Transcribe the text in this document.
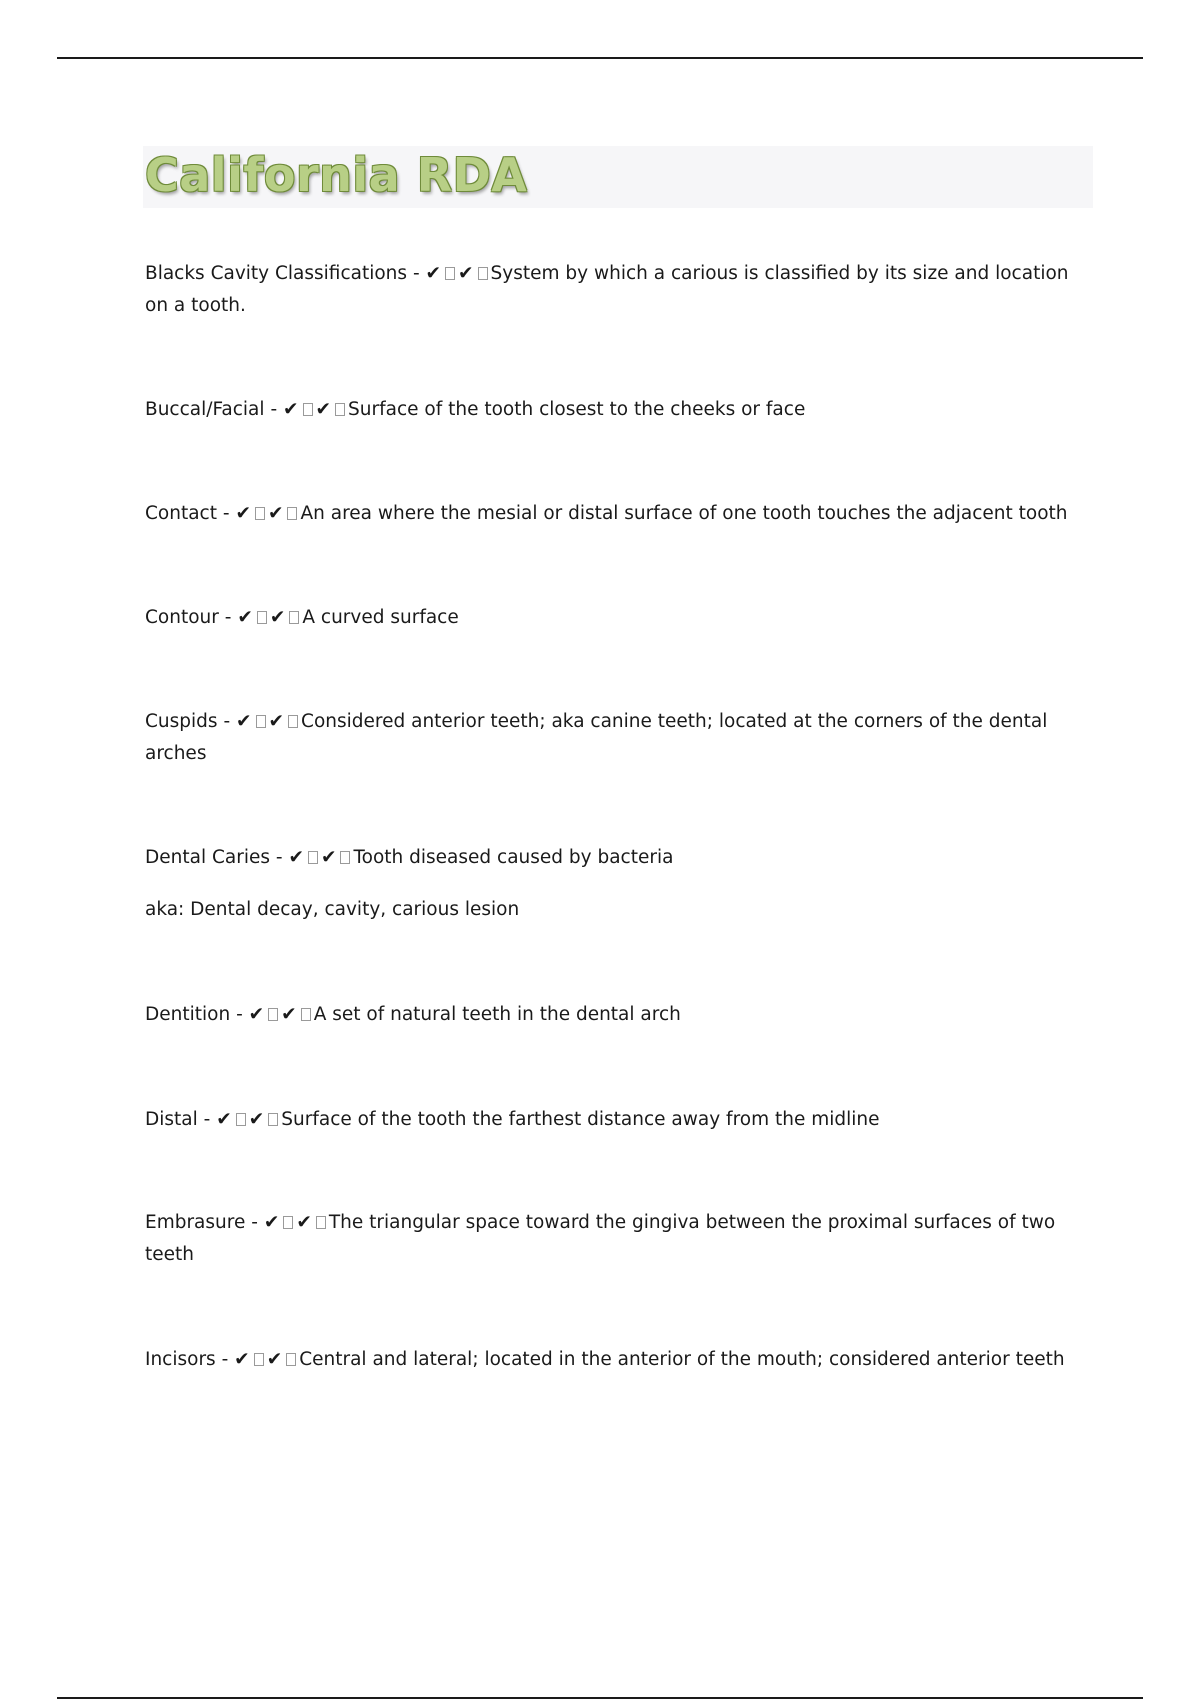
California RDA

Blacks Cavity Classifications - ✔ ✔ System by which a carious is classified by its size and location on a tooth.

Buccal/Facial - ✔ ✔ Surface of the tooth closest to the cheeks or face

Contact - ✔ ✔ An area where the mesial or distal surface of one tooth touches the adjacent tooth

Contour - ✔ ✔ A curved surface

Cuspids - ✔ ✔ Considered anterior teeth; aka canine teeth; located at the corners of the dental arches

Dental Caries - ✔ ✔ Tooth diseased caused by bacteria

aka: Dental decay, cavity, carious lesion

Dentition - ✔ ✔ A set of natural teeth in the dental arch

Distal - ✔ ✔ Surface of the tooth the farthest distance away from the midline

Embrasure - ✔ ✔ The triangular space toward the gingiva between the proximal surfaces of two teeth

Incisors - ✔ ✔ Central and lateral; located in the anterior of the mouth; considered anterior teeth
